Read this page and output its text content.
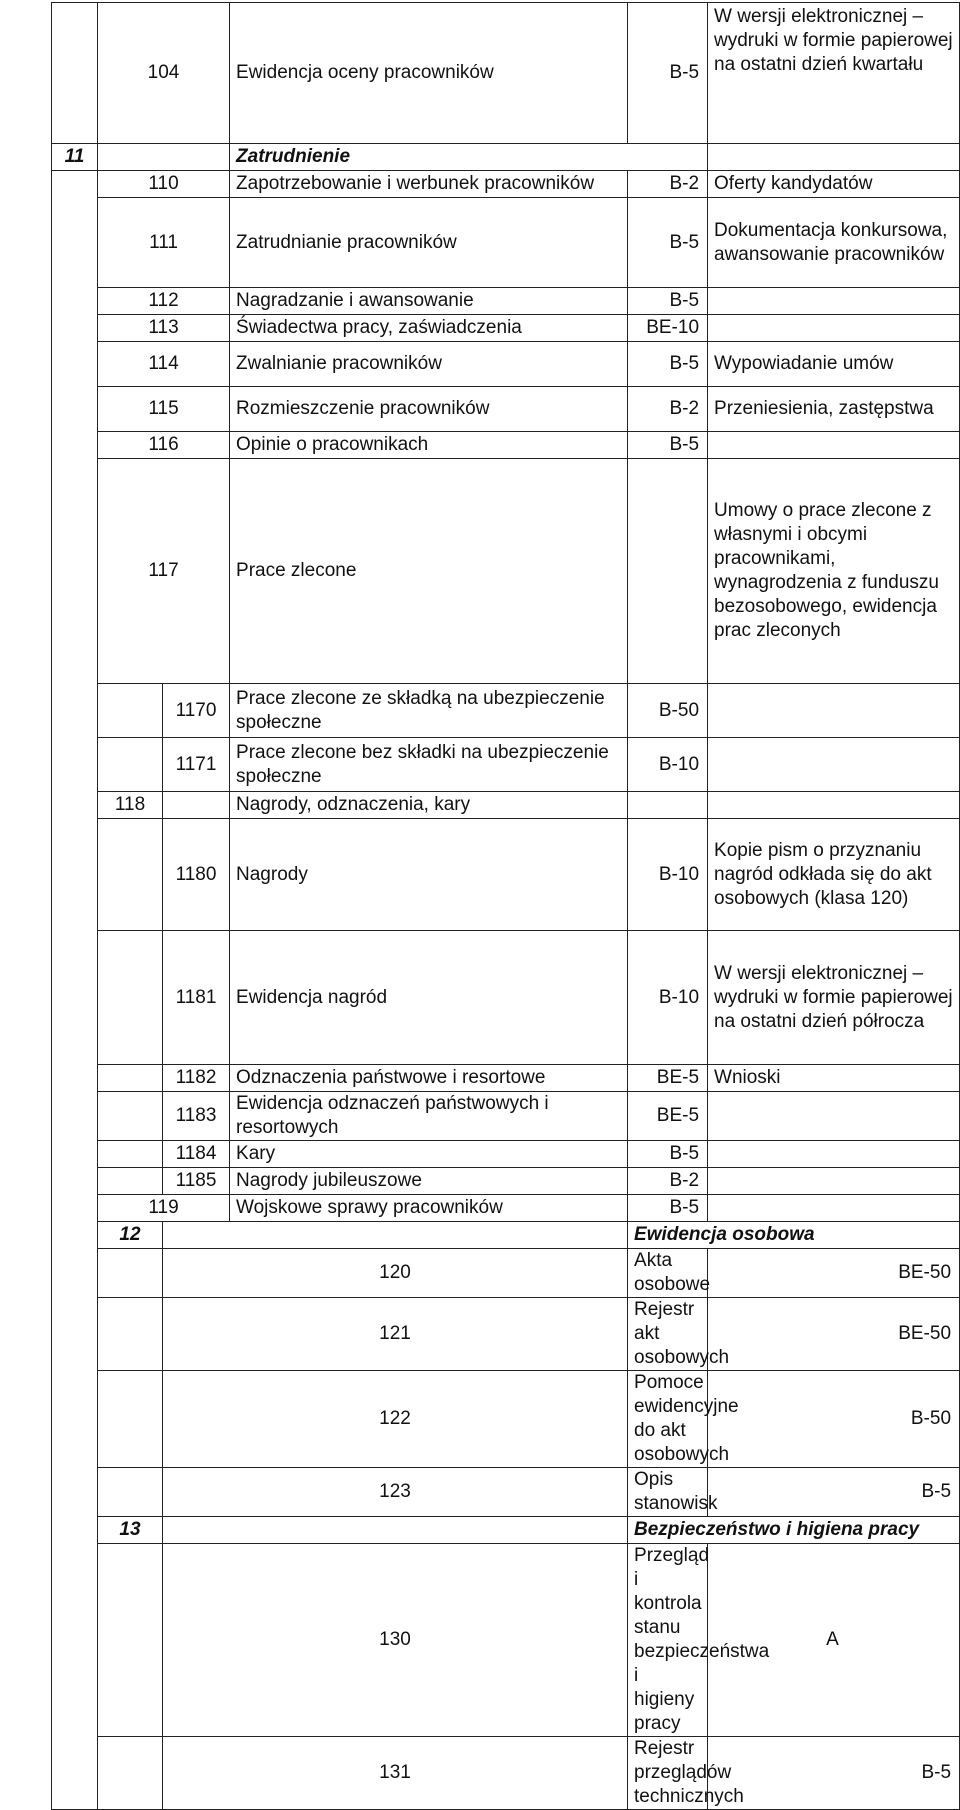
	104		Ewidencja oceny pracowników	B-5	W wersji elektronicznej – wydruki w formie papierowej na ostatni dzień kwartału	
11			Zatrudnienie			
	110		Zapotrzebowanie i werbunek pracowników	B-2	Oferty kandydatów	
	111		Zatrudnianie pracowników	B-5	Dokumentacja konkursowa, awansowanie pracowników	
	112		Nagradzanie i awansowanie	B-5		
	113		Świadectwa pracy, zaświadczenia	BE-10		
	114		Zwalnianie pracowników	B-5	Wypowiadanie umów	
	115		Rozmieszczenie pracowników	B-2	Przeniesienia, zastępstwa	
	116		Opinie o pracownikach	B-5		
	117		Prace zlecone		Umowy o prace zlecone z własnymi i obcymi pracownikami, wynagrodzenia z funduszu bezosobowego, ewidencja prac zleconych	
		1170	Prace zlecone ze składką na ubezpieczenie społeczne	B-50		
		1171	Prace zlecone bez składki na ubezpieczenie społeczne	B-10		
	118		Nagrody, odznaczenia, kary			
		1180	Nagrody	B-10	Kopie pism o przyznaniu nagród odkłada się do akt osobowych (klasa 120)	
		1181	Ewidencja nagród	B-10	W wersji elektronicznej – wydruki w formie papierowej na ostatni dzień półrocza	
		1182	Odznaczenia państwowe i resortowe	BE-5	Wnioski	
		1183	Ewidencja odznaczeń państwowych i resortowych	BE-5		
		1184	Kary	B-5		
		1185	Nagrody jubileuszowe	B-2		
	119		Wojskowe sprawy pracowników	B-5		
	12			Ewidencja osobowa		
		120		Akta osobowe	BE-50	
		121		Rejestr akt osobowych	BE-50	
		122		Pomoce ewidencyjne do akt osobowych	B-50	
		123		Opis stanowisk	B-5	
	13			Bezpieczeństwo i higiena pracy		
		130		Przegląd i kontrola stanu bezpieczeństwa i higieny pracy	A	
		131		Rejestr przeglądów technicznych	B-5	
